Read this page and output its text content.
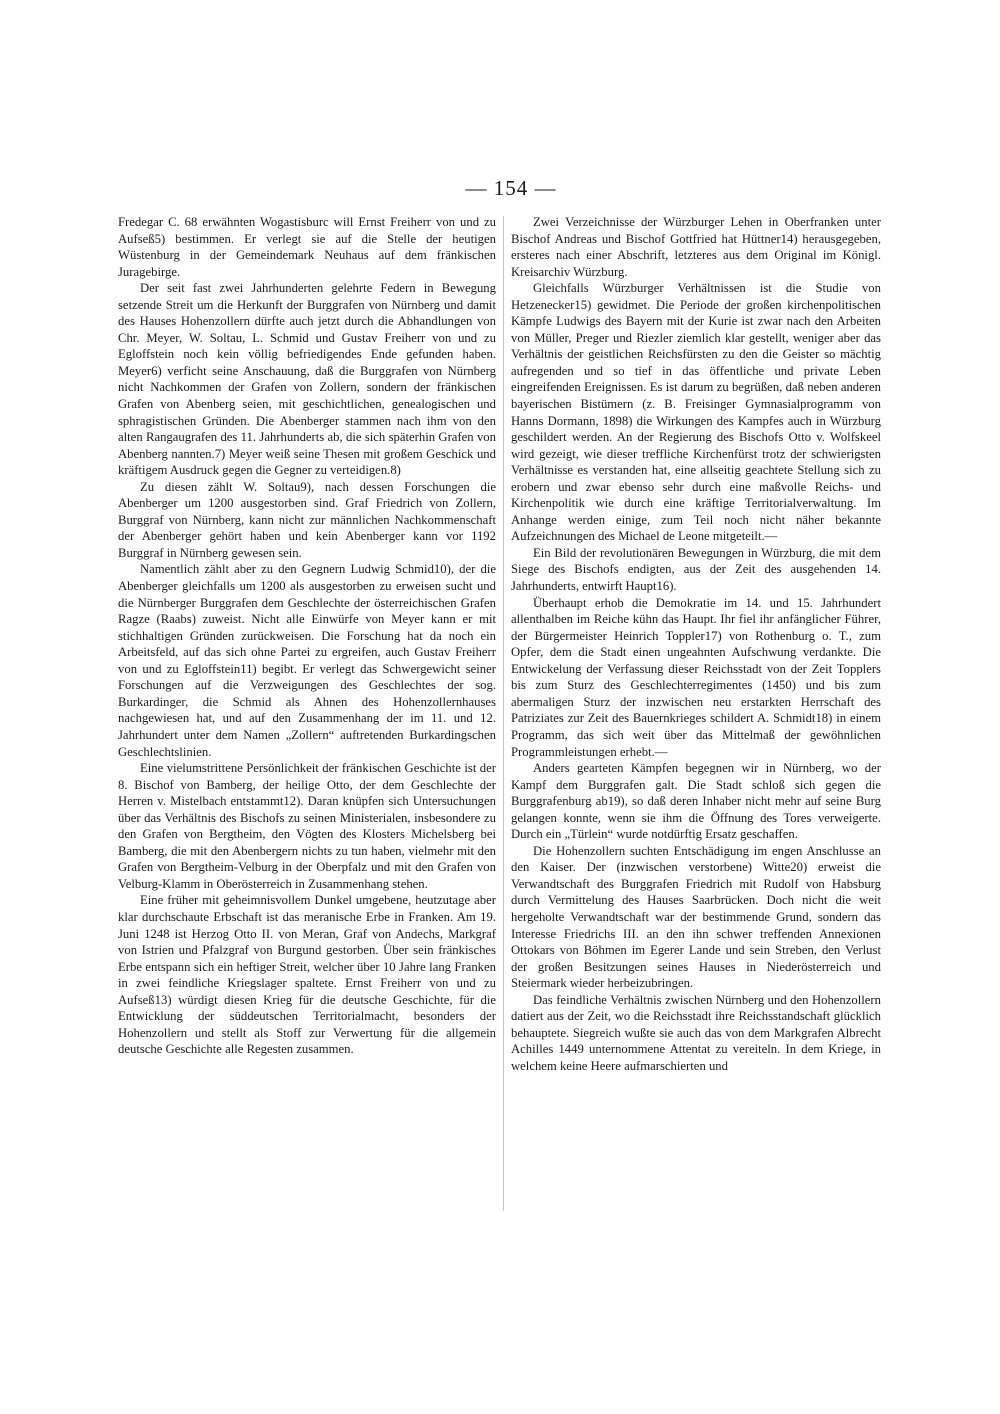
— 154 —

Fredegar C. 68 erwähnten Wogastisburc will Ernst Freiherr von und zu Aufseß5) bestimmen. Er verlegt sie auf die Stelle der heutigen Wüstenburg in der Gemeindemark Neuhaus auf dem fränkischen Juragebirge.

Der seit fast zwei Jahrhunderten gelehrte Federn in Bewegung setzende Streit um die Herkunft der Burggrafen von Nürnberg und damit des Hauses Hohenzollern dürfte auch jetzt durch die Abhandlungen von Chr. Meyer, W. Soltau, L. Schmid und Gustav Freiherr von und zu Egloffstein noch kein völlig befriedigendes Ende gefunden haben. Meyer6) verficht seine Anschauung, daß die Burggrafen von Nürnberg nicht Nachkommen der Grafen von Zollern, sondern der fränkischen Grafen von Abenberg seien, mit geschichtlichen, genealogischen und sphragistischen Gründen. Die Abenberger stammen nach ihm von den alten Rangaugrafen des 11. Jahrhunderts ab, die sich späterhin Grafen von Abenberg nannten.7) Meyer weiß seine Thesen mit großem Geschick und kräftigem Ausdruck gegen die Gegner zu verteidigen.8)

Zu diesen zählt W. Soltau9), nach dessen Forschungen die Abenberger um 1200 ausgestorben sind. Graf Friedrich von Zollern, Burggraf von Nürnberg, kann nicht zur männlichen Nachkommenschaft der Abenberger gehört haben und kein Abenberger kann vor 1192 Burggraf in Nürnberg gewesen sein.

Namentlich zählt aber zu den Gegnern Ludwig Schmid10), der die Abenberger gleichfalls um 1200 als ausgestorben zu erweisen sucht und die Nürnberger Burggrafen dem Geschlechte der österreichischen Grafen Ragze (Raabs) zuweist. Nicht alle Einwürfe von Meyer kann er mit stichhaltigen Gründen zurückweisen. Die Forschung hat da noch ein Arbeitsfeld, auf das sich ohne Partei zu ergreifen, auch Gustav Freiherr von und zu Egloffstein11) begibt. Er verlegt das Schwergewicht seiner Forschungen auf die Verzweigungen des Geschlechtes der sog. Burkardinger, die Schmid als Ahnen des Hohenzollernhauses nachgewiesen hat, und auf den Zusammenhang der im 11. und 12. Jahrhundert unter dem Namen „Zollern“ auftretenden Burkardingschen Geschlechtslinien.

Eine vielumstrittene Persönlichkeit der fränkischen Geschichte ist der 8. Bischof von Bamberg, der heilige Otto, der dem Geschlechte der Herren v. Mistelbach entstammt12). Daran knüpfen sich Untersuchungen über das Verhältnis des Bischofs zu seinen Ministerialen, insbesondere zu den Grafen von Bergtheim, den Vögten des Klosters Michelsberg bei Bamberg, die mit den Abenbergern nichts zu tun haben, vielmehr mit den Grafen von Bergtheim-Velburg in der Oberpfalz und mit den Grafen von Velburg-Klamm in Oberösterreich in Zusammenhang stehen.

Eine früher mit geheimnisvollem Dunkel umgebene, heutzutage aber klar durchschaute Erbschaft ist das meranische Erbe in Franken. Am 19. Juni 1248 ist Herzog Otto II. von Meran, Graf von Andechs, Markgraf von Istrien und Pfalzgraf von Burgund gestorben. Über sein fränkisches Erbe entspann sich ein heftiger Streit, welcher über 10 Jahre lang Franken in zwei feindliche Kriegslager spaltete. Ernst Freiherr von und zu Aufseß13) würdigt diesen Krieg für die deutsche Geschichte, für die Entwicklung der süddeutschen Territorialmacht, besonders der Hohenzollern und stellt als Stoff zur Verwertung für die allgemein deutsche Geschichte alle Regesten zusammen.

Zwei Verzeichnisse der Würzburger Lehen in Oberfranken unter Bischof Andreas und Bischof Gottfried hat Hüttner14) herausgegeben, ersteres nach einer Abschrift, letzteres aus dem Original im Königl. Kreisarchiv Würzburg.

Gleichfalls Würzburger Verhältnissen ist die Studie von Hetzenecker15) gewidmet. Die Periode der großen kirchenpolitischen Kämpfe Ludwigs des Bayern mit der Kurie ist zwar nach den Arbeiten von Müller, Preger und Riezler ziemlich klar gestellt, weniger aber das Verhältnis der geistlichen Reichsfürsten zu den die Geister so mächtig aufregenden und so tief in das öffentliche und private Leben eingreifenden Ereignissen. Es ist darum zu begrüßen, daß neben anderen bayerischen Bistümern (z. B. Freisinger Gymnasialprogramm von Hanns Dormann, 1898) die Wirkungen des Kampfes auch in Würzburg geschildert werden. An der Regierung des Bischofs Otto v. Wolfskeel wird gezeigt, wie dieser treffliche Kirchenfürst trotz der schwierigsten Verhältnisse es verstanden hat, eine allseitig geachtete Stellung sich zu erobern und zwar ebenso sehr durch eine maßvolle Reichs- und Kirchenpolitik wie durch eine kräftige Territorialverwaltung. Im Anhange werden einige, zum Teil noch nicht näher bekannte Aufzeichnungen des Michael de Leone mitgeteilt.—

Ein Bild der revolutionären Bewegungen in Würzburg, die mit dem Siege des Bischofs endigten, aus der Zeit des ausgehenden 14. Jahrhunderts, entwirft Haupt16).

Überhaupt erhob die Demokratie im 14. und 15. Jahrhundert allenthalben im Reiche kühn das Haupt. Ihr fiel ihr anfänglicher Führer, der Bürgermeister Heinrich Toppler17) von Rothenburg o. T., zum Opfer, dem die Stadt einen ungeahnten Aufschwung verdankte. Die Entwickelung der Verfassung dieser Reichsstadt von der Zeit Topplers bis zum Sturz des Geschlechterregimentes (1450) und bis zum abermaligen Sturz der inzwischen neu erstarkten Herrschaft des Patriziates zur Zeit des Bauernkrieges schildert A. Schmidt18) in einem Programm, das sich weit über das Mittelmaß der gewöhnlichen Programmleistungen erhebt.—

Anders gearteten Kämpfen begegnen wir in Nürnberg, wo der Kampf dem Burggrafen galt. Die Stadt schloß sich gegen die Burggrafenburg ab19), so daß deren Inhaber nicht mehr auf seine Burg gelangen konnte, wenn sie ihm die Öffnung des Tores verweigerte. Durch ein „Türlein“ wurde notdürftig Ersatz geschaffen.

Die Hohenzollern suchten Entschädigung im engen Anschlusse an den Kaiser. Der (inzwischen verstorbene) Witte20) erweist die Verwandtschaft des Burggrafen Friedrich mit Rudolf von Habsburg durch Vermittelung des Hauses Saarbrücken. Doch nicht die weit hergeholte Verwandtschaft war der bestimmende Grund, sondern das Interesse Friedrichs III. an den ihn schwer treffenden Annexionen Ottokars von Böhmen im Egerer Lande und sein Streben, den Verlust der großen Besitzungen seines Hauses in Niederösterreich und Steiermark wieder herbeizubringen.

Das feindliche Verhältnis zwischen Nürnberg und den Hohenzollern datiert aus der Zeit, wo die Reichsstadt ihre Reichsstandschaft glücklich behauptete. Siegreich wußte sie auch das von dem Markgrafen Albrecht Achilles 1449 unternommene Attentat zu vereiteln. In dem Kriege, in welchem keine Heere aufmarschierten und
